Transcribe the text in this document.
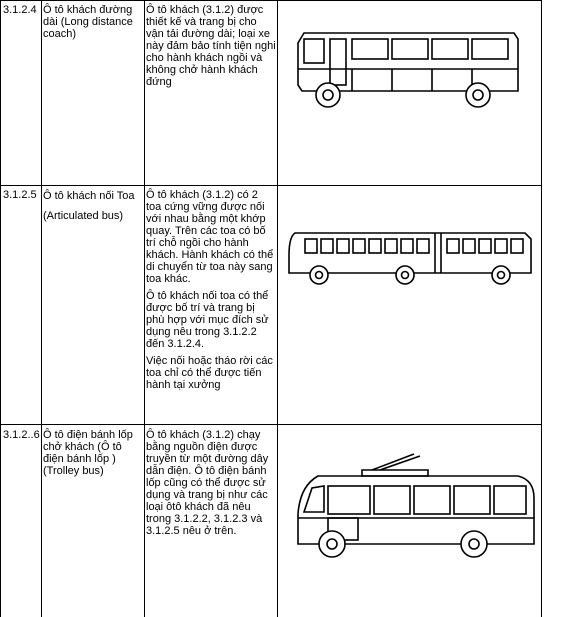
3.1.2.4 Ô tô khách đường dài (Long distance coach)

Ô tô khách (3.1.2) được thiết kế và trang bị cho vận tải đường dài; loại xe này đảm bảo tính tiện nghi cho hành khách ngồi và không chở hành khách đứng

3.1.2.5 Ô tô khách nối Toa
(Articulated bus)

Ô tô khách (3.1.2) có 2 toa cứng vững được nối với nhau bằng một khớp quay. Trên các toa có bố trí chỗ ngồi cho hành khách. Hành khách có thể di chuyển từ toa này sang toa khác.

Ô tô khách nối toa có thể được bố trí và trang bị phù hợp với mục đích sử dụng nêu trong 3.1.2.2 đến 3.1.2.4.

Việc nối hoặc tháo rời các toa chỉ có thể được tiến hành tại xưởng

3.1.2..6 Ô tô điện bánh lốp chở khách (Ô tô điện bánh lốp ) (Trolley bus)

Ô tô khách (3.1.2) chạy bằng nguồn điện được truyền từ một đường dây dẫn điện. Ô tô điện bánh lốp cũng có thể được sử dụng và trang bị như các loại ôtô khách đã nêu trong 3.1.2.2, 3.1.2.3 và 3.1.2.5 nêu ở trên.
